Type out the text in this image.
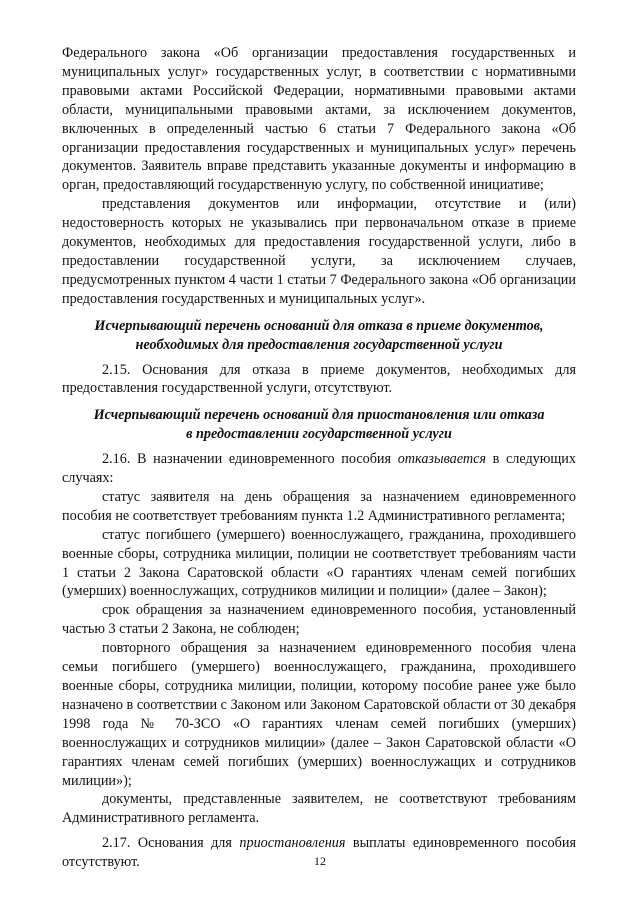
Федерального закона «Об организации предоставления государственных и муниципальных услуг» государственных услуг, в соответствии с нормативными правовыми актами Российской Федерации, нормативными правовыми актами области, муниципальными правовыми актами, за исключением документов, включенных в определенный частью 6 статьи 7 Федерального закона «Об организации предоставления государственных и муниципальных услуг» перечень документов. Заявитель вправе представить указанные документы и информацию в орган, предоставляющий государственную услугу, по собственной инициативе;

представления документов или информации, отсутствие и (или) недостоверность которых не указывались при первоначальном отказе в приеме документов, необходимых для предоставления государственной услуги, либо в предоставлении государственной услуги, за исключением случаев, предусмотренных пунктом 4 части 1 статьи 7 Федерального закона «Об организации предоставления государственных и муниципальных услуг».

Исчерпывающий перечень оснований для отказа в приеме документов,
необходимых для предоставления государственной услуги

2.15. Основания для отказа в приеме документов, необходимых для предоставления государственной услуги, отсутствуют.

Исчерпывающий перечень оснований для приостановления или отказа
в предоставлении государственной услуги

2.16. В назначении единовременного пособия отказывается в следующих случаях:

статус заявителя на день обращения за назначением единовременного пособия не соответствует требованиям пункта 1.2 Административного регламента;

статус погибшего (умершего) военнослужащего, гражданина, проходившего военные сборы, сотрудника милиции, полиции не соответствует требованиям части 1 статьи 2 Закона Саратовской области «О гарантиях членам семей погибших (умерших) военнослужащих, сотрудников милиции и полиции» (далее – Закон);

срок обращения за назначением единовременного пособия, установленный частью 3 статьи 2 Закона, не соблюден;

повторного обращения за назначением единовременного пособия члена семьи погибшего (умершего) военнослужащего, гражданина, проходившего военные сборы, сотрудника милиции, полиции, которому пособие ранее уже было назначено в соответствии с Законом или Законом Саратовской области от 30 декабря 1998 года № 70-ЗСО «О гарантиях членам семей погибших (умерших) военнослужащих и сотрудников милиции» (далее – Закон Саратовской области «О гарантиях членам семей погибших (умерших) военнослужащих и сотрудников милиции»);

документы, представленные заявителем, не соответствуют требованиям Административного регламента.

2.17. Основания для приостановления выплаты единовременного пособия отсутствуют.	12
